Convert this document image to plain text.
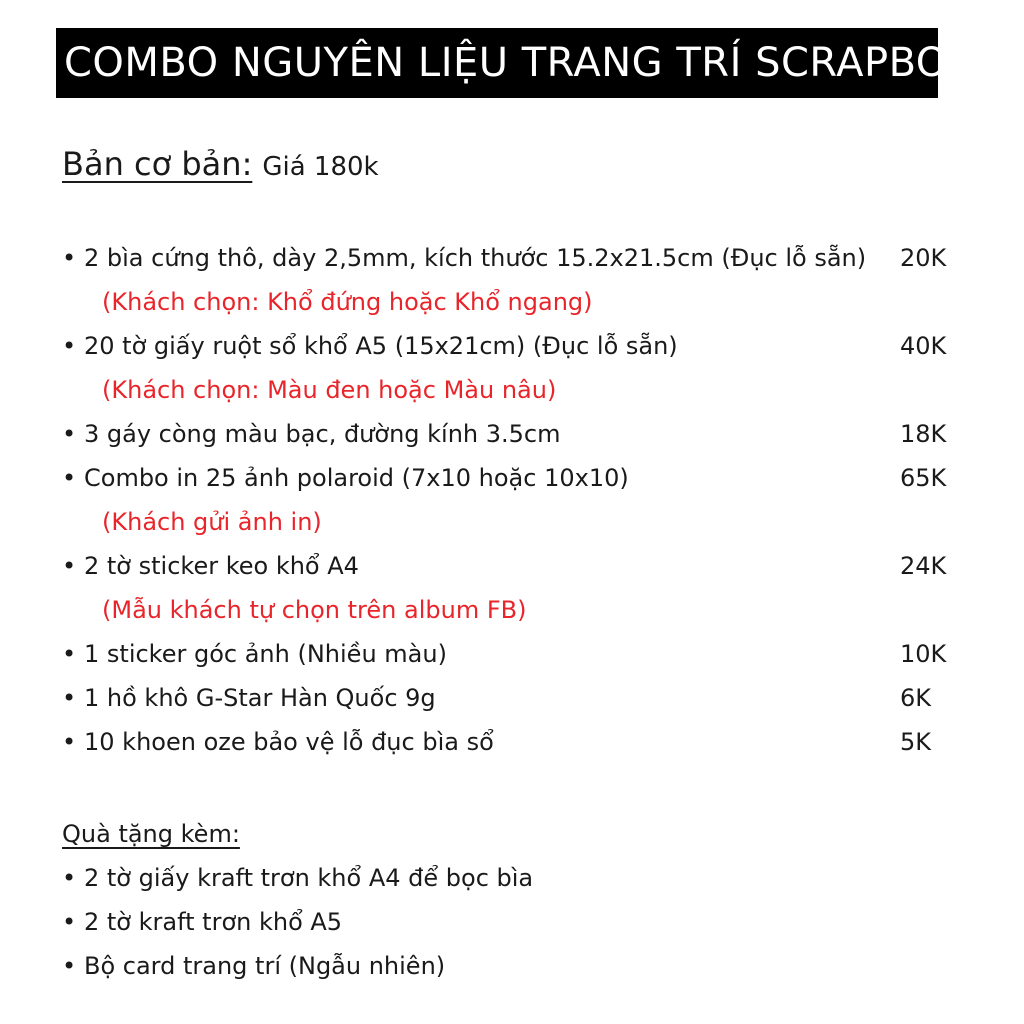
COMBO NGUYÊN LIỆU TRANG TRÍ SCRAPBOOK
Bản cơ bản: Giá 180k
• 2 bìa cứng thô, dày 2,5mm, kích thước 15.2x21.5cm (Đục lỗ sẵn) 20K
(Khách chọn: Khổ đứng hoặc Khổ ngang)
• 20 tờ giấy ruột sổ khổ A5 (15x21cm) (Đục lỗ sẵn)	40K
(Khách chọn: Màu đen hoặc Màu nâu)
• 3 gáy còng màu bạc, đường kính 3.5cm	18K
• Combo in 25 ảnh polaroid (7x10 hoặc 10x10)	65K
(Khách gửi ảnh in)
• 2 tờ sticker keo khổ A4	24K
(Mẫu khách tự chọn trên album FB)
• 1 sticker góc ảnh (Nhiều màu)	10K
• 1 hồ khô G-Star Hàn Quốc 9g	6K
• 10 khoen oze bảo vệ lỗ đục bìa sổ	5K
Quà tặng kèm:
• 2 tờ giấy kraft trơn khổ A4 để bọc bìa
• 2 tờ kraft trơn khổ A5
• Bộ card trang trí (Ngẫu nhiên)
